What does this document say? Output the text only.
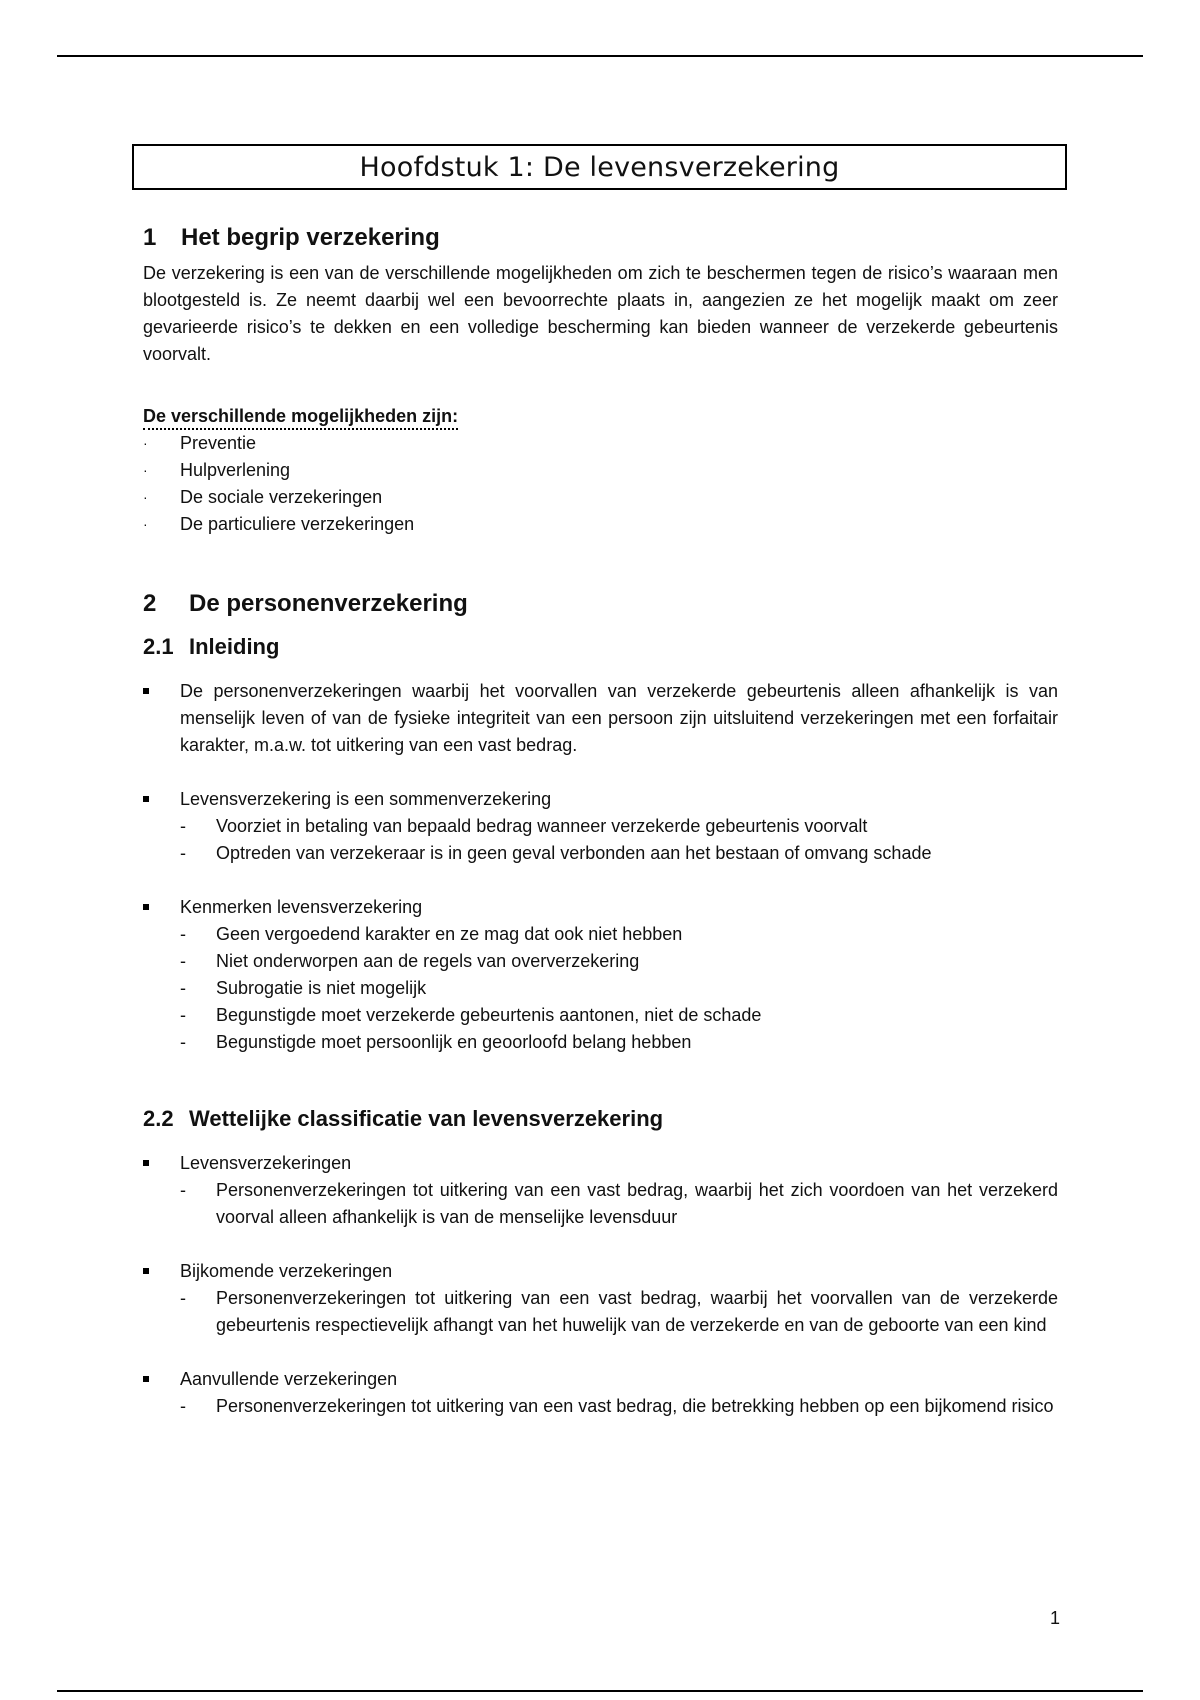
Hoofdstuk 1: De levensverzekering
1	Het begrip verzekering

De verzekering is een van de verschillende mogelijkheden om zich te beschermen tegen de risico’s waaraan men blootgesteld is. Ze neemt daarbij wel een bevoorrechte plaats in, aangezien ze het mogelijk maakt om zeer gevarieerde risico’s te dekken en een volledige bescherming kan bieden wanneer de verzekerde gebeurtenis voorvalt.

De verschillende mogelijkheden zijn:
· Preventie
· Hulpverlening
· De sociale verzekeringen
· De particuliere verzekeringen
2	De personenverzekering
2.1 Inleiding
De personenverzekeringen waarbij het voorvallen van verzekerde gebeurtenis alleen afhankelijk is van menselijk leven of van de fysieke integriteit van een persoon zijn uitsluitend verzekeringen met een forfaitair karakter, m.a.w. tot uitkering van een vast bedrag.
Levensverzekering is een sommenverzekering
- Voorziet in betaling van bepaald bedrag wanneer verzekerde gebeurtenis voorvalt
- Optreden van verzekeraar is in geen geval verbonden aan het bestaan of omvang schade
Kenmerken levensverzekering
- Geen vergoedend karakter en ze mag dat ook niet hebben
- Niet onderworpen aan de regels van oververzekering
- Subrogatie is niet mogelijk
- Begunstigde moet verzekerde gebeurtenis aantonen, niet de schade
- Begunstigde moet persoonlijk en geoorloofd belang hebben
2.2 Wettelijke classificatie van levensverzekering
Levensverzekeringen
- Personenverzekeringen tot uitkering van een vast bedrag, waarbij het zich voordoen van het verzekerd voorval alleen afhankelijk is van de menselijke levensduur
Bijkomende verzekeringen
- Personenverzekeringen tot uitkering van een vast bedrag, waarbij het voorvallen van de verzekerde gebeurtenis respectievelijk afhangt van het huwelijk van de verzekerde en van de geboorte van een kind
Aanvullende verzekeringen
- Personenverzekeringen tot uitkering van een vast bedrag, die betrekking hebben op een bijkomend risico
1
